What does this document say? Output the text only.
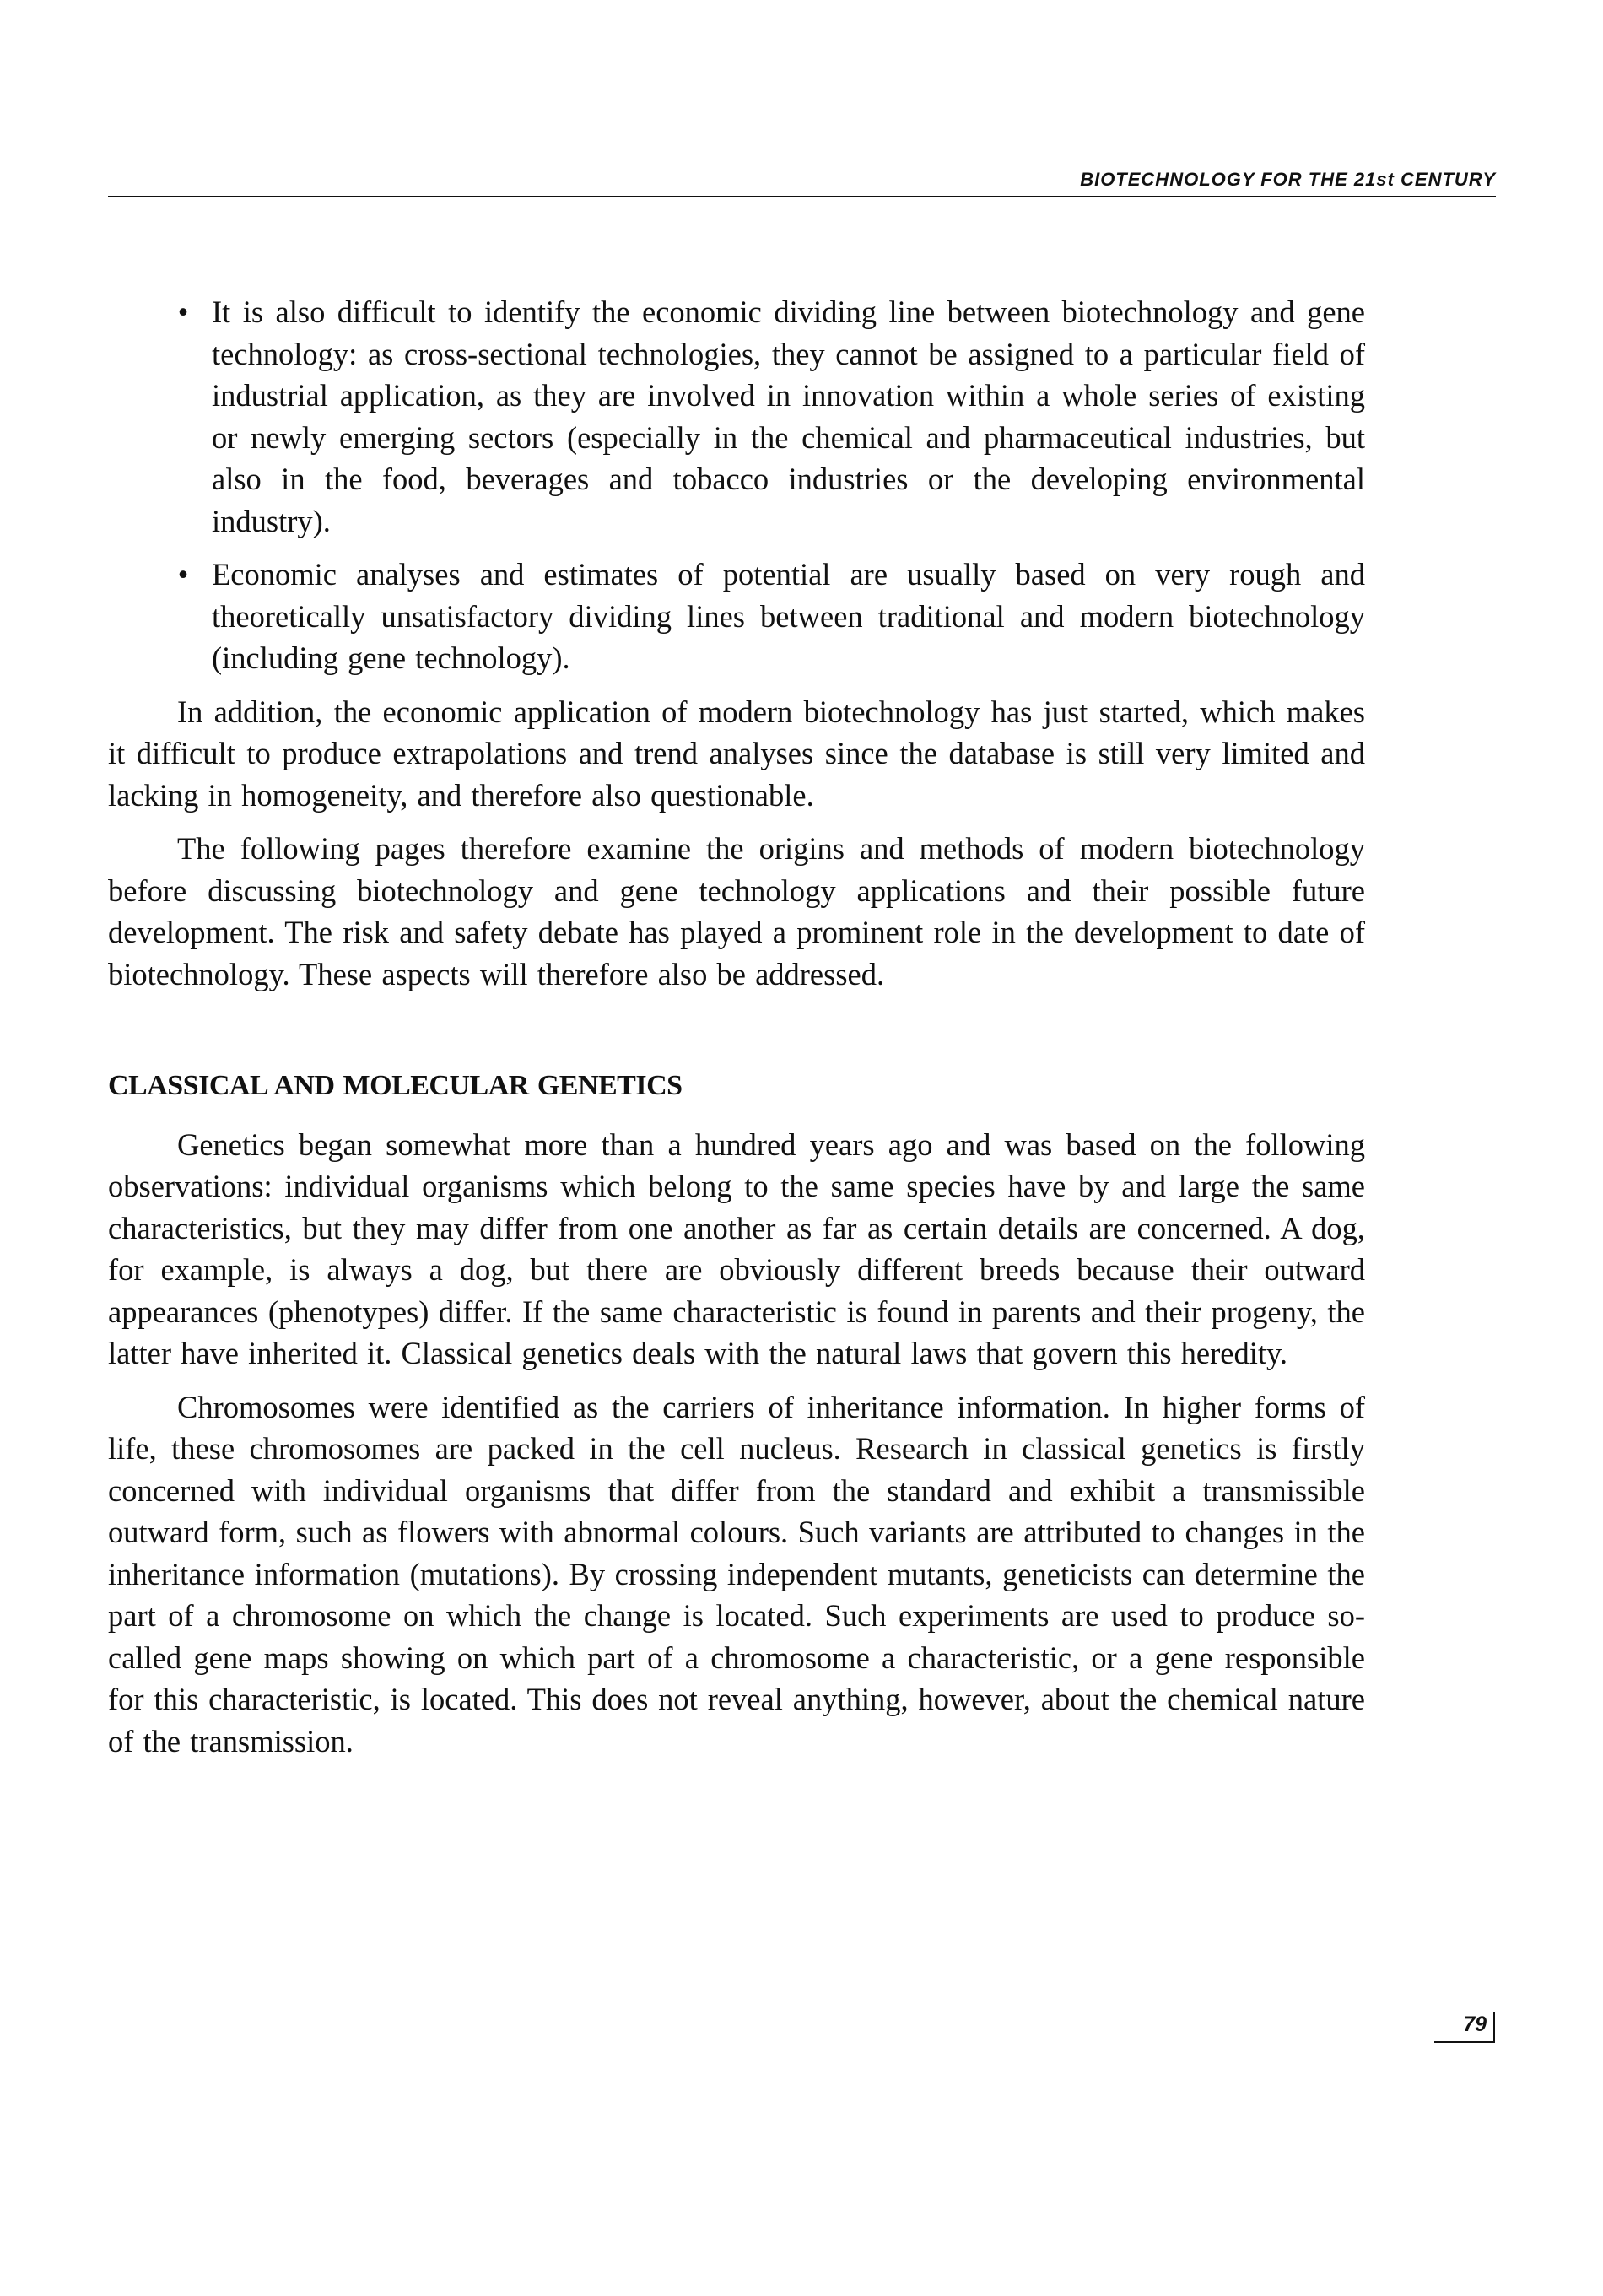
BIOTECHNOLOGY FOR THE 21st CENTURY
• It is also difficult to identify the economic dividing line between biotechnology and gene technology: as cross-sectional technologies, they cannot be assigned to a particular field of industrial application, as they are involved in innovation within a whole series of existing or newly emerging sectors (especially in the chemical and pharmaceutical industries, but also in the food, beverages and tobacco industries or the developing environmental industry).
• Economic analyses and estimates of potential are usually based on very rough and theoretically unsatisfactory dividing lines between traditional and modern biotechnology (including gene technology).

In addition, the economic application of modern biotechnology has just started, which makes it difficult to produce extrapolations and trend analyses since the database is still very limited and lacking in homogeneity, and therefore also questionable.

The following pages therefore examine the origins and methods of modern biotechnology before discussing biotechnology and gene technology applications and their possible future development. The risk and safety debate has played a prominent role in the development to date of biotechnology. These aspects will therefore also be addressed.

CLASSICAL AND MOLECULAR GENETICS

Genetics began somewhat more than a hundred years ago and was based on the following observations: individual organisms which belong to the same species have by and large the same characteristics, but they may differ from one another as far as certain details are concerned. A dog, for example, is always a dog, but there are obviously different breeds because their outward appearances (phenotypes) differ. If the same characteristic is found in parents and their progeny, the latter have inherited it. Classical genetics deals with the natural laws that govern this heredity.

Chromosomes were identified as the carriers of inheritance information. In higher forms of life, these chromosomes are packed in the cell nucleus. Research in classical genetics is firstly concerned with individual organisms that differ from the standard and exhibit a transmissible outward form, such as flowers with abnormal colours. Such variants are attributed to changes in the inheritance information (mutations). By crossing independent mutants, geneticists can determine the part of a chromosome on which the change is located. Such experiments are used to produce so-called gene maps showing on which part of a chromosome a characteristic, or a gene responsible for this characteristic, is located. This does not reveal anything, however, about the chemical nature of the transmission.

79
